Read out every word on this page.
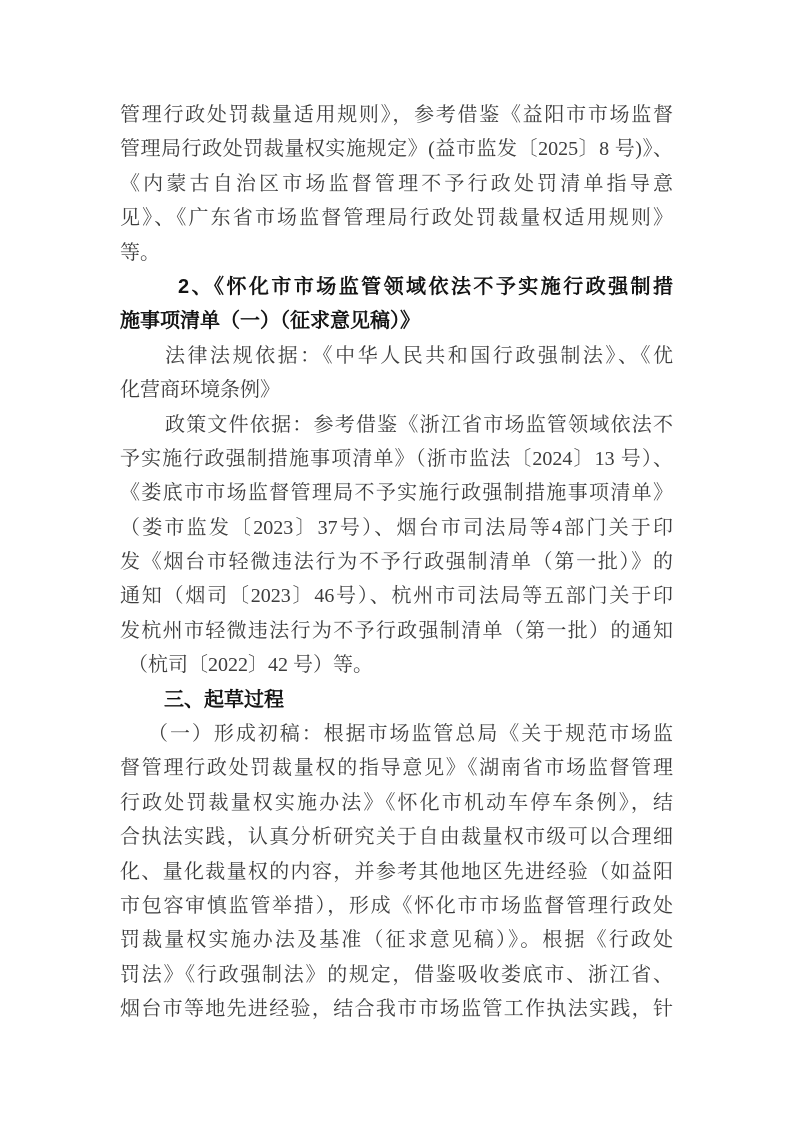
管理行政处罚裁量适用规则》，参考借鉴《益阳市市场监督
管理局行政处罚裁量权实施规定》(益市监发〔2025〕8 号)》、
《内蒙古自治区市场监督管理不予行政处罚清单指导意
见》、《广东省市场监督管理局行政处罚裁量权适用规则》
等。
2、《怀化市市场监管领域依法不予实施行政强制措
施事项清单（一）（征求意见稿）》
法律法规依据：《中华人民共和国行政强制法》、《优
化营商环境条例》
政策文件依据：参考借鉴《浙江省市场监管领域依法不
予实施行政强制措施事项清单》（浙市监法〔2024〕13 号）、
《娄底市市场监督管理局不予实施行政强制措施事项清单》
（娄市监发〔2023〕37号）、烟台市司法局等4部门关于印
发《烟台市轻微违法行为不予行政强制清单（第一批）》的
通知（烟司〔2023〕46号）、杭州市司法局等五部门关于印
发杭州市轻微违法行为不予行政强制清单（第一批）的通知
（杭司〔2022〕42 号）等。
三、起草过程
（一）形成初稿：根据市场监管总局《关于规范市场监
督管理行政处罚裁量权的指导意见》《湖南省市场监督管理
行政处罚裁量权实施办法》《怀化市机动车停车条例》，结
合执法实践，认真分析研究关于自由裁量权市级可以合理细
化、量化裁量权的内容，并参考其他地区先进经验（如益阳
市包容审慎监管举措），形成《怀化市市场监督管理行政处
罚裁量权实施办法及基准（征求意见稿）》。根据《行政处
罚法》《行政强制法》的规定，借鉴吸收娄底市、浙江省、
烟台市等地先进经验，结合我市市场监管工作执法实践，针
